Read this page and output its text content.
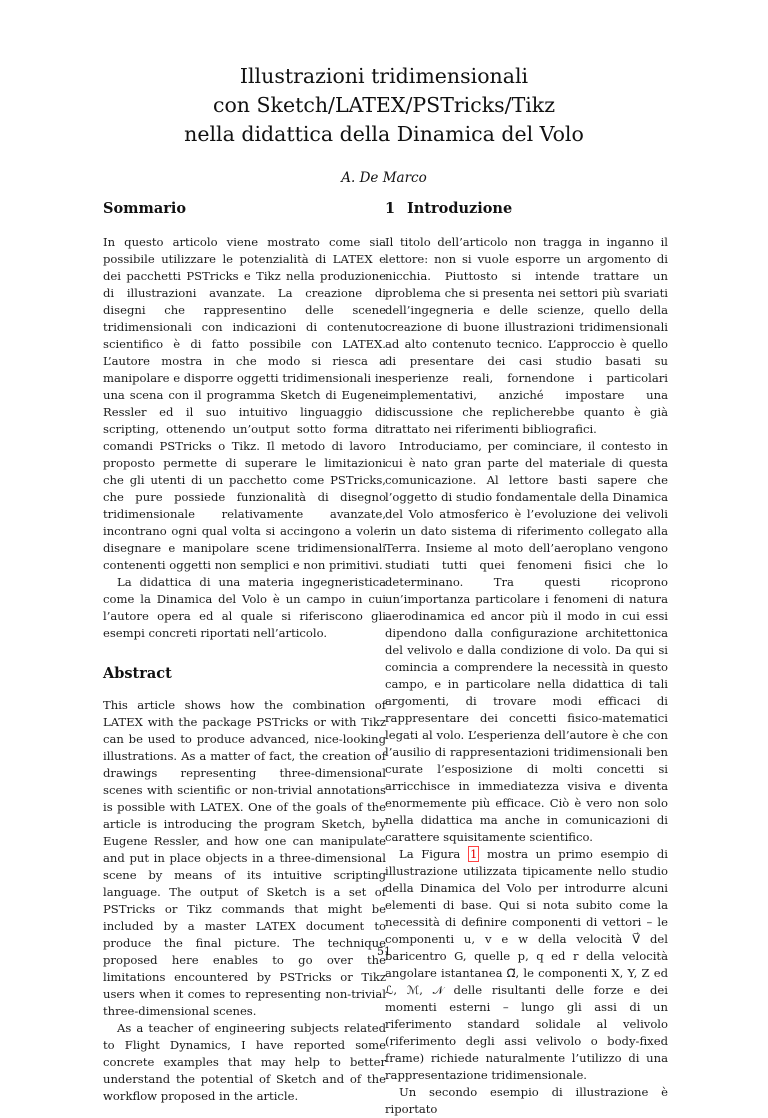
Illustrazioni tridimensionali
con Sketch/LATEX/PSTricks/Tikz
nella didattica della Dinamica del Volo
A. De Marco
Sommario

In questo articolo viene mostrato come sia possibile utilizzare le potenzialità di LATEX e dei pacchetti PSTricks e Tikz nella produzione di illustrazioni avanzate. La creazione di disegni che rappresentino delle scene tridimensionali con indicazioni di contenuto scientifico è di fatto possibile con LATEX. L’autore mostra in che modo si riesca a manipolare e disporre oggetti tridimensionali in una scena con il programma Sketch di Eugene Ressler ed il suo intuitivo linguaggio di scripting, ottenendo un’output sotto forma di comandi PSTricks o Tikz. Il metodo di lavoro proposto permette di superare le limitazioni che gli utenti di un pacchetto come PSTricks, che pure possiede funzionalità di disegno tridimensionale relativamente avanzate, incontrano ogni qual volta si accingono a voler disegnare e manipolare scene tridimensionali contenenti oggetti non semplici e non primitivi.

La didattica di una materia ingegneristica come la Dinamica del Volo è un campo in cui l’autore opera ed al quale si riferiscono gli esempi concreti riportati nell’articolo.

Abstract

This article shows how the combination of LATEX with the package PSTricks or with Tikz can be used to produce advanced, nice-looking illustrations. As a matter of fact, the creation of drawings representing three-dimensional scenes with scientific or non-trivial annotations is possible with LATEX. One of the goals of the article is introducing the program Sketch, by Eugene Ressler, and how one can manipulate and put in place objects in a three-dimensional scene by means of its intuitive scripting language. The output of Sketch is a set of PSTricks or Tikz commands that might be included by a master LATEX document to produce the final picture. The technique proposed here enables to go over the limitations encountered by PSTricks or Tikz users when it comes to representing non-trivial three-dimensional scenes.

As a teacher of engineering subjects related to Flight Dynamics, I have reported some concrete examples that may help to better understand the potential of Sketch and of the workflow proposed in the article.

1 Introduzione

Il titolo dell’articolo non tragga in inganno il lettore: non si vuole esporre un argomento di nicchia. Piuttosto si intende trattare un problema che si presenta nei settori più svariati dell’ingegneria e delle scienze, quello della creazione di buone illustrazioni tridimensionali ad alto contenuto tecnico. L’approccio è quello di presentare dei casi studio basati su esperienze reali, fornendone i particolari implementativi, anziché impostare una discussione che replicherebbe quanto è già trattato nei riferimenti bibliografici.

Introduciamo, per cominciare, il contesto in cui è nato gran parte del materiale di questa comunicazione. Al lettore basti sapere che l’oggetto di studio fondamentale della Dinamica del Volo atmosferico è l’evoluzione dei velivoli in un dato sistema di riferimento collegato alla Terra. Insieme al moto dell’aeroplano vengono studiati tutti quei fenomeni fisici che lo determinano. Tra questi ricoprono un’importanza particolare i fenomeni di natura aerodinamica ed ancor più il modo in cui essi dipendono dalla configurazione architettonica del velivolo e dalla condizione di volo. Da qui si comincia a comprendere la necessità in questo campo, e in particolare nella didattica di tali argomenti, di trovare modi efficaci di rappresentare dei concetti fisico-matematici legati al volo. L’esperienza dell’autore è che con l’ausilio di rappresentazioni tridimensionali ben curate l’esposizione di molti concetti si arricchisce in immediatezza visiva e diventa enormemente più efficace. Ciò è vero non solo nella didattica ma anche in comunicazioni di carattere squisitamente scientifico.

La Figura 1 mostra un primo esempio di illustrazione utilizzata tipicamente nello studio della Dinamica del Volo per introdurre alcuni elementi di base. Qui si nota subito come la necessità di definire componenti di vettori – le componenti u, v e w della velocità V⃗ del baricentro G, quelle p, q ed r della velocità angolare istantanea Ω⃗, le componenti X, Y, Z ed ℒ, ℳ, 𝒩 delle risultanti delle forze e dei momenti esterni – lungo gli assi di un riferimento standard solidale al velivolo (riferimento degli assi velivolo o body-fixed frame) richiede naturalmente l’utilizzo di una rappresentazione tridimensionale.

Un secondo esempio di illustrazione è riportato

51
